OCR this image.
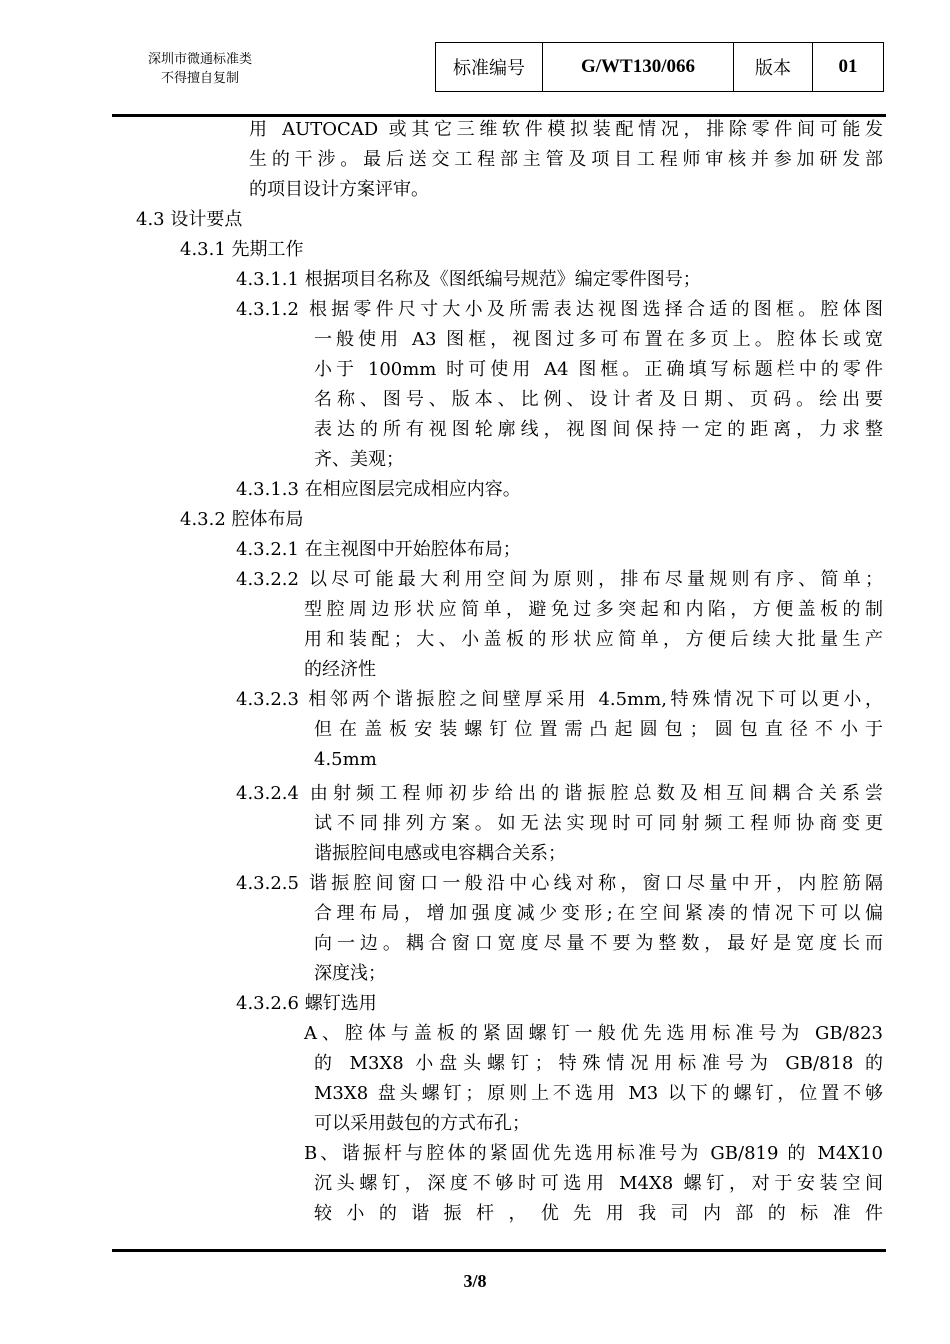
深圳市微通标准类
不得擅自复制	标准编号	G/WT130/066	版本	01
用 AUTOCAD 或其它三维软件模拟装配情况，排除零件间可能发
生的干涉。最后送交工程部主管及项目工程师审核并参加研发部
的项目设计方案评审。
4.3 设计要点
4.3.1 先期工作
4.3.1.1 根据项目名称及《图纸编号规范》编定零件图号；
4.3.1.2 根据零件尺寸大小及所需表达视图选择合适的图框。腔体图
一般使用 A3 图框，视图过多可布置在多页上。腔体长或宽
小于 100mm 时可使用 A4 图框。正确填写标题栏中的零件
名称、图号、版本、比例、设计者及日期、页码。绘出要
表达的所有视图轮廓线，视图间保持一定的距离，力求整
齐、美观；
4.3.1.3 在相应图层完成相应内容。
4.3.2 腔体布局
4.3.2.1 在主视图中开始腔体布局；
4.3.2.2 以尽可能最大利用空间为原则，排布尽量规则有序、简单；
型腔周边形状应简单，避免过多突起和内陷，方便盖板的制
用和装配；大、小盖板的形状应简单，方便后续大批量生产
的经济性
4.3.2.3 相邻两个谐振腔之间壁厚采用 4.5mm,特殊情况下可以更小，
但在盖板安装螺钉位置需凸起圆包；圆包直径不小于
4.5mm
4.3.2.4 由射频工程师初步给出的谐振腔总数及相互间耦合关系尝
试不同排列方案。如无法实现时可同射频工程师协商变更
谐振腔间电感或电容耦合关系；
4.3.2.5 谐振腔间窗口一般沿中心线对称，窗口尽量中开，内腔筋隔
合理布局，增加强度减少变形;在空间紧凑的情况下可以偏
向一边。耦合窗口宽度尽量不要为整数，最好是宽度长而
深度浅；
4.3.2.6 螺钉选用
A、腔体与盖板的紧固螺钉一般优先选用标准号为 GB/823
的 M3X8 小盘头螺钉；特殊情况用标准号为 GB/818 的
M3X8 盘头螺钉；原则上不选用 M3 以下的螺钉，位置不够
可以采用鼓包的方式布孔；
B、谐振杆与腔体的紧固优先选用标准号为 GB/819 的 M4X10
沉头螺钉，深度不够时可选用 M4X8 螺钉，对于安装空间
较小的谐振杆，优先用我司内部的标准件
3/8
